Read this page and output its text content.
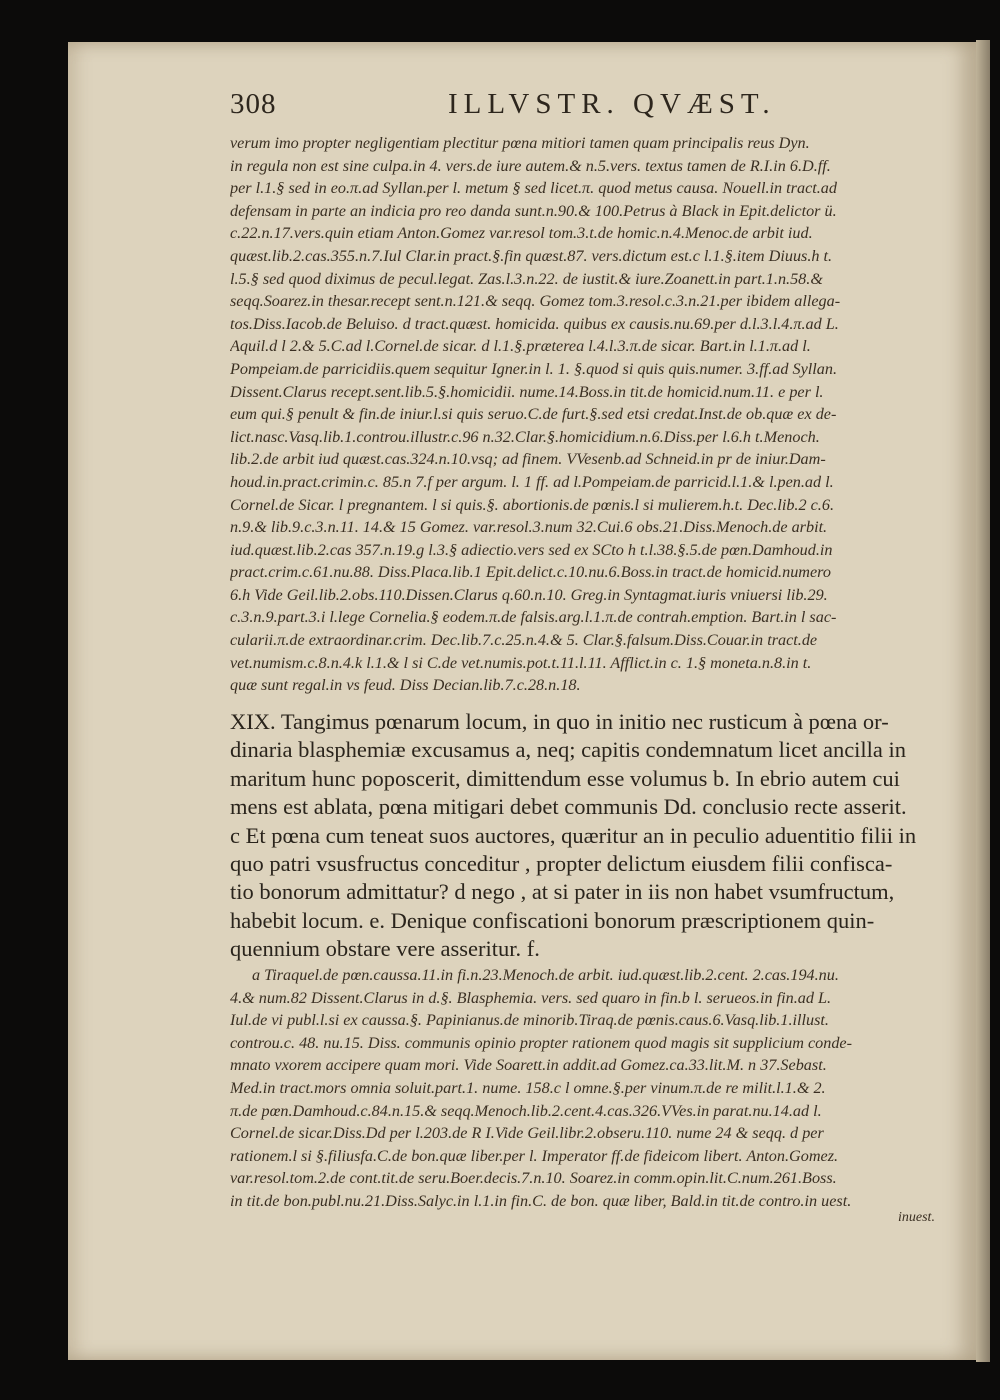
308	ILLVSTR. QVÆST.
verum imo propter negligentiam plectitur pœna mitiori tamen quam principalis reus Dyn.
in regula non est sine culpa.in 4. vers.de iure autem.& n.5.vers. textus tamen de R.I.in 6.D.ff.
per l.1.§ sed in eo.π.ad Syllan.per l. metum § sed licet.π. quod metus causa. Nouell.in tract.ad
defensam in parte an indicia pro reo danda sunt.n.90.& 100.Petrus à Black in Epit.delictor ü.
c.22.n.17.vers.quin etiam Anton.Gomez var.resol tom.3.t.de homic.n.4.Menoc.de arbit iud.
quæst.lib.2.cas.355.n.7.Iul Clar.in pract.§.fin quæst.87. vers.dictum est.c l.1.§.item Diuus.h t.
l.5.§ sed quod diximus de pecul.legat. Zas.l.3.n.22. de iustit.& iure.Zoanett.in part.1.n.58.&
seqq.Soarez.in thesar.recept sent.n.121.& seqq. Gomez tom.3.resol.c.3.n.21.per ibidem allega-
tos.Diss.Iacob.de Beluiso. d tract.quæst. homicida. quibus ex causis.nu.69.per d.l.3.l.4.π.ad L.
Aquil.d l 2.& 5.C.ad l.Cornel.de sicar. d l.1.§.præterea l.4.l.3.π.de sicar. Bart.in l.1.π.ad l.
Pompeiam.de parricidiis.quem sequitur Igner.in l. 1. §.quod si quis quis.numer. 3.ff.ad Syllan.
Dissent.Clarus recept.sent.lib.5.§.homicidii. nume.14.Boss.in tit.de homicid.num.11. e per l.
eum qui.§ penult & fin.de iniur.l.si quis seruo.C.de furt.§.sed etsi credat.Inst.de ob.quæ ex de-
lict.nasc.Vasq.lib.1.controu.illustr.c.96 n.32.Clar.§.homicidium.n.6.Diss.per l.6.h t.Menoch.
lib.2.de arbit iud quæst.cas.324.n.10.vsq; ad finem. VVesenb.ad Schneid.in pr de iniur.Dam-
houd.in.pract.crimin.c. 85.n 7.f per argum. l. 1 ff. ad l.Pompeiam.de parricid.l.1.& l.pen.ad l.
Cornel.de Sicar. l pregnantem. l si quis.§. abortionis.de pœnis.l si mulierem.h.t. Dec.lib.2 c.6.
n.9.& lib.9.c.3.n.11. 14.& 15 Gomez. var.resol.3.num 32.Cui.6 obs.21.Diss.Menoch.de arbit.
iud.quæst.lib.2.cas 357.n.19.g l.3.§ adiectio.vers sed ex SCto h t.l.38.§.5.de pœn.Damhoud.in
pract.crim.c.61.nu.88. Diss.Placa.lib.1 Epit.delict.c.10.nu.6.Boss.in tract.de homicid.numero
6.h Vide Geil.lib.2.obs.110.Dissen.Clarus q.60.n.10. Greg.in Syntagmat.iuris vniuersi lib.29.
c.3.n.9.part.3.i l.lege Cornelia.§ eodem.π.de falsis.arg.l.1.π.de contrah.emption. Bart.in l sac-
cularii.π.de extraordinar.crim. Dec.lib.7.c.25.n.4.& 5. Clar.§.falsum.Diss.Couar.in tract.de
vet.numism.c.8.n.4.k l.1.& l si C.de vet.numis.pot.t.11.l.11. Afflict.in c. 1.§ moneta.n.8.in t.
quæ sunt regal.in vs feud. Diss Decian.lib.7.c.28.n.18.
XIX. Tangimus pœnarum locum, in quo in initio nec rusticum à pœna or-
dinaria blasphemiæ excusamus a, neq; capitis condemnatum licet ancilla in
maritum hunc poposcerit, dimittendum esse volumus b. In ebrio autem cui
mens est ablata, pœna mitigari debet communis Dd. conclusio recte asserit.
c Et pœna cum teneat suos auctores, quæritur an in peculio aduentitio filii in
quo patri vsusfructus conceditur , propter delictum eiusdem filii confisca-
tio bonorum admittatur? d nego , at si pater in iis non habet vsumfructum,
habebit locum. e. Denique confiscationi bonorum præscriptionem quin-
quennium obstare vere asseritur. f.
a Tiraquel.de pœn.caussa.11.in fi.n.23.Menoch.de arbit. iud.quæst.lib.2.cent. 2.cas.194.nu.
4.& num.82 Dissent.Clarus in d.§. Blasphemia. vers. sed quaro in fin.b l. serueos.in fin.ad L.
Iul.de vi publ.l.si ex caussa.§. Papinianus.de minorib.Tiraq.de pœnis.caus.6.Vasq.lib.1.illust.
controu.c. 48. nu.15. Diss. communis opinio propter rationem quod magis sit supplicium conde-
mnato vxorem accipere quam mori. Vide Soarett.in addit.ad Gomez.ca.33.lit.M. n 37.Sebast.
Med.in tract.mors omnia soluit.part.1. nume. 158.c l omne.§.per vinum.π.de re milit.l.1.& 2.
π.de pœn.Damhoud.c.84.n.15.& seqq.Menoch.lib.2.cent.4.cas.326.VVes.in parat.nu.14.ad l.
Cornel.de sicar.Diss.Dd per l.203.de R I.Vide Geil.libr.2.obseru.110. nume 24 & seqq. d per
rationem.l si §.filiusfa.C.de bon.quæ liber.per l. Imperator ff.de fideicom libert. Anton.Gomez.
var.resol.tom.2.de cont.tit.de seru.Boer.decis.7.n.10. Soarez.in comm.opin.lit.C.num.261.Boss.
in tit.de bon.publ.nu.21.Diss.Salyc.in l.1.in fin.C. de bon. quæ liber, Bald.in tit.de contro.in uest.
inuest.
